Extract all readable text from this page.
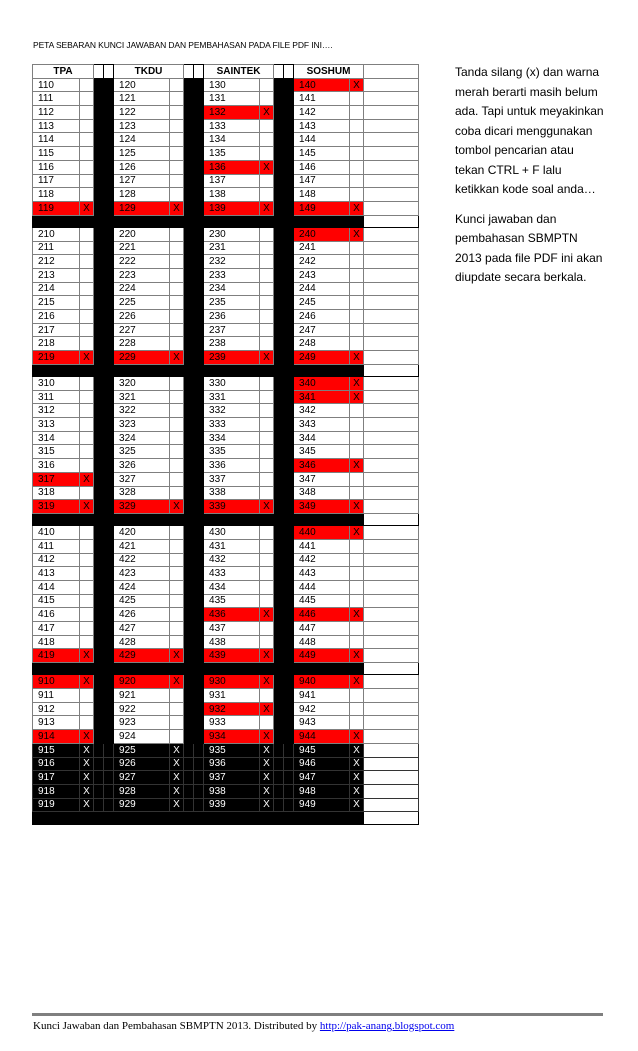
PETA SEBARAN KUNCI JAWABAN DAN PEMBAHASAN PADA FILE PDF INI….
TPA				TKDU				SAINTEK				SOSHUM		
110				120				130				140	X	
111				121				131				141		
112				122				132	X			142		
113				123				133				143		
114				124				134				144		
115				125				135				145		
116				126				136	X			146		
117				127				137				147		
118				128				138				148		
119	X			129	X			139	X			149	X	

210				220				230				240	X	
211				221				231				241		
212				222				232				242		
213				223				233				243		
214				224				234				244		
215				225				235				245		
216				226				236				246		
217				227				237				247		
218				228				238				248		
219	X			229	X			239	X			249	X	

310				320				330				340	X	
311				321				331				341	X	
312				322				332				342		
313				323				333				343		
314				324				334				344		
315				325				335				345		
316				326				336				346	X	
317	X			327				337				347		
318				328				338				348		
319	X			329	X			339	X			349	X	

410				420				430				440	X	
411				421				431				441		
412				422				432				442		
413				423				433				443		
414				424				434				444		
415				425				435				445		
416				426				436	X			446	X	
417				427				437				447		
418				428				438				448		
419	X			429	X			439	X			449	X	

910	X			920	X			930	X			940	X	
911				921				931				941		
912				922				932	X			942		
913				923				933				943		
914	X			924				934	X			944	X	
915	X			925	X			935	X			945	X	
916	X			926	X			936	X			946	X	
917	X			927	X			937	X			947	X	
918	X			928	X			938	X			948	X	
919	X			929	X			939	X			949	X	

Tanda silang (x) dan warna merah berarti masih belum ada. Tapi untuk meyakinkan coba dicari menggunakan tombol pencarian atau tekan CTRL + F lalu ketikkan kode soal anda…

Kunci jawaban dan pembahasan SBMPTN 2013 pada file PDF ini akan diupdate secara berkala.

Kunci Jawaban dan Pembahasan SBMPTN 2013. Distributed by http://pak-anang.blogspot.com
